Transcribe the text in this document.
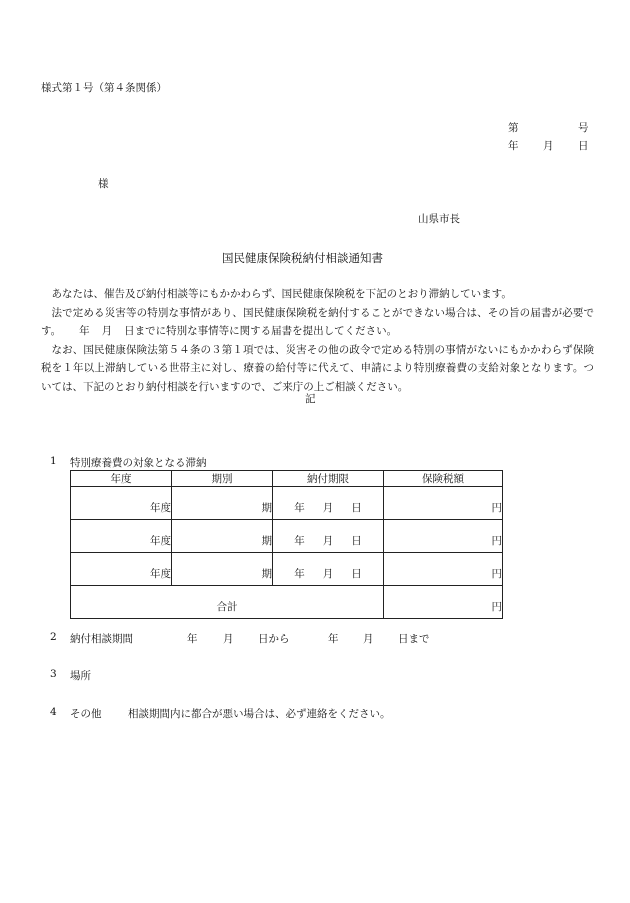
様式第１号（第４条関係）
第	号
年 月 日
様
山県市長
国民健康保険税納付相談通知書

あなたは、催告及び納付相談等にもかかわらず、国民健康保険税を下記のとおり滞納しています。

法で定める災害等の特別な事情があり、国民健康保険税を納付することができない場合は、その旨の届書が必要です。 年 月 日までに特別な事情等に関する届書を提出してください。

なお、国民健康保険法第５４条の３第１項では、災害その他の政令で定める特別の事情がないにもかかわらず保険税を１年以上滞納している世帯主に対し、療養の給付等に代えて、申請により特別療養費の支給対象となります。ついては、下記のとおり納付相談を行いますので、ご来庁の上ご相談ください。

記
1 特別療養費の対象となる滞納
年度	期別	納付期限	保険税額
年度	期	年 月 日	円
年度	期	年 月 日	円
年度	期	年 月 日	円
合計			円
2 納付相談期間	年 月 日から	年 月 日まで
3 場所
4 その他	相談期間内に都合が悪い場合は、必ず連絡をください。
